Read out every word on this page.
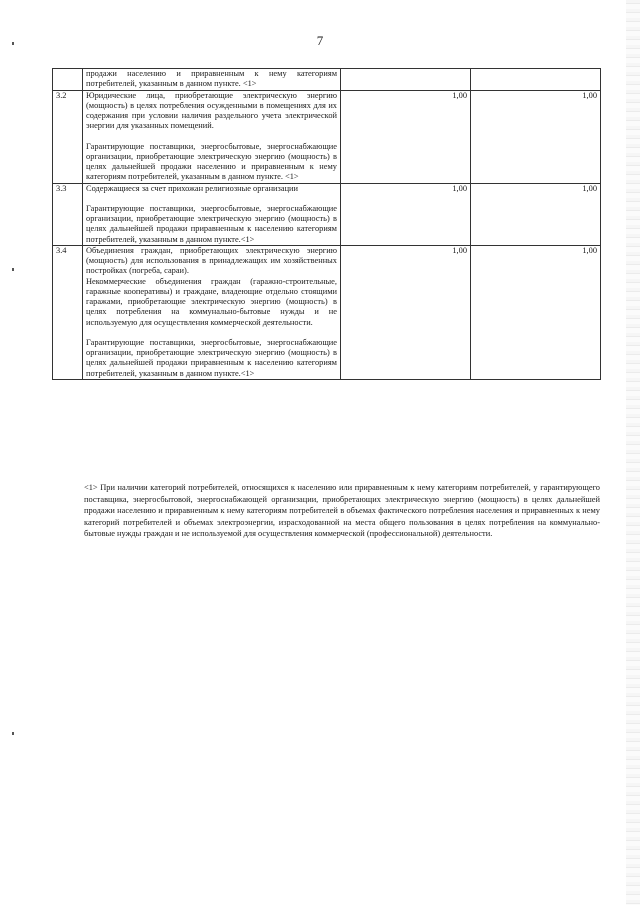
7

	продажи населению и приравненным к нему категориям потребителей, указанным в данном пункте. <1>		

3.2	Юридические лица, приобретающие электрическую энергию (мощность) в целях потребления осужденными в помещениях для их содержания при условии наличия раздельного учета электрической энергии для указанных помещений.

Гарантирующие поставщики, энергосбытовые, энергоснабжающие организации, приобретающие электрическую энергию (мощность) в целях дальнейшей продажи населению и приравненным к нему категориям потребителей, указанным в данном пункте. <1>	1,00	1,00
3.3	Содержащиеся за счет прихожан религиозные организации

Гарантирующие поставщики, энергосбытовые, энергоснабжающие организации, приобретающие электрическую энергию (мощность) в целях дальнейшей продажи приравненным к населению категориям потребителей, указанным в данном пункте.<1>	1,00	1,00
3.4	Объединения граждан, приобретающих электрическую энергию (мощность) для использования в принадлежащих им хозяйственных постройках (погреба, сараи).

Некоммерческие объединения граждан (гаражно-строительные, гаражные кооперативы) и граждане, владеющие отдельно стоящими гаражами, приобретающие электрическую энергию (мощность) в целях потребления на коммунально-бытовые нужды и не используемую для осуществления коммерческой деятельности.

Гарантирующие поставщики, энергосбытовые, энергоснабжающие организации, приобретающие электрическую энергию (мощность) в целях дальнейшей продажи приравненным к населению категориям потребителей, указанным в данном пункте.<1>	1,00	1,00

<1> При наличии категорий потребителей, относящихся к населению или приравненным к нему категориям потребителей, у гарантирующего поставщика, энергосбытовой, энергоснабжающей организации, приобретающих электрическую энергию (мощность) в целях дальнейшей продажи населению и приравненным к нему категориям потребителей в объемах фактического потребления населения и приравненных к нему категорий потребителей и объемах электроэнергии, израсходованной на места общего пользования в целях потребления на коммунально-бытовые нужды граждан и не используемой для осуществления коммерческой (профессиональной) деятельности.
